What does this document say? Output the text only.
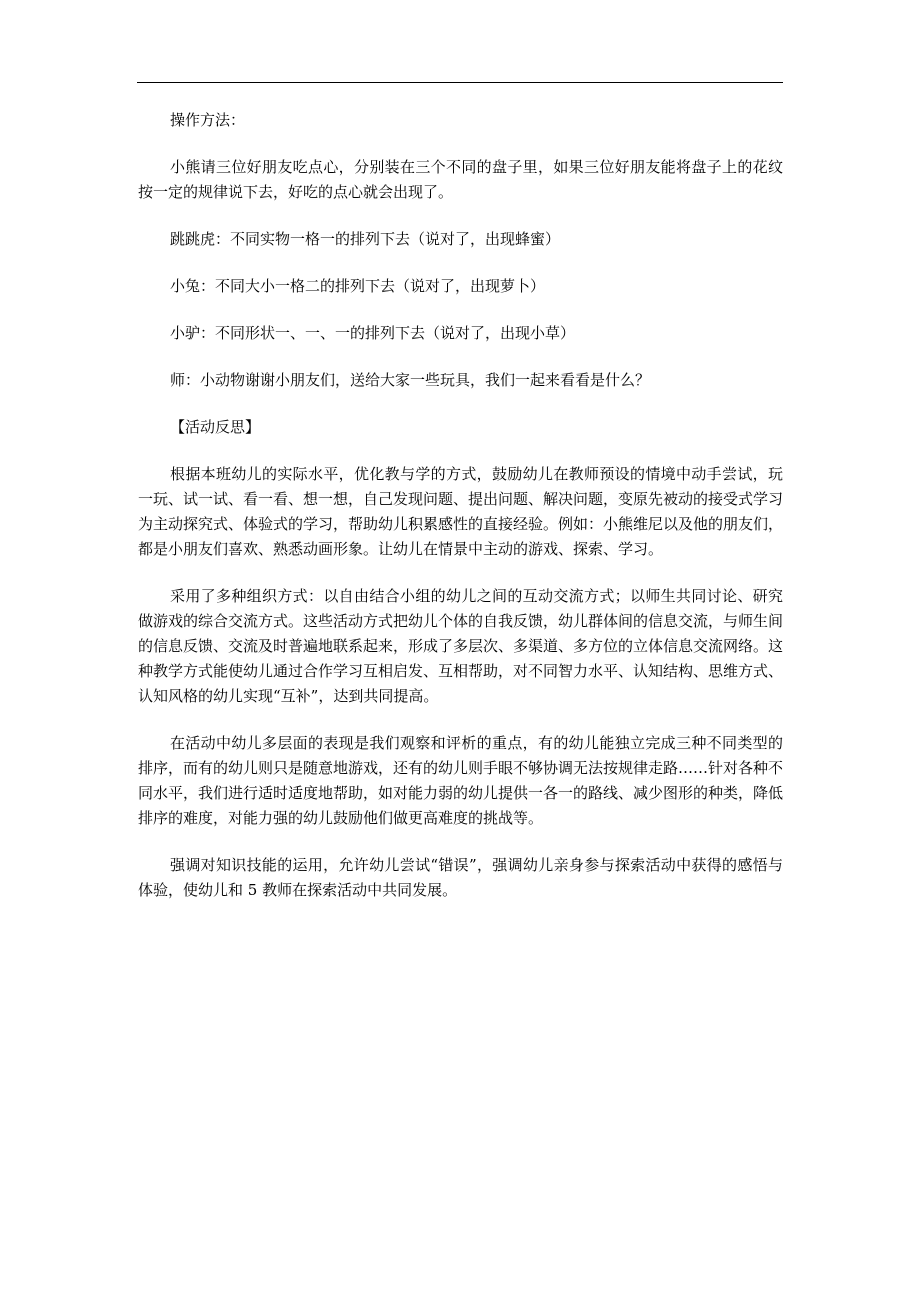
操作方法：

小熊请三位好朋友吃点心，分别装在三个不同的盘子里，如果三位好朋友能将盘子上的花纹按一定的规律说下去，好吃的点心就会出现了。

跳跳虎：不同实物一格一的排列下去（说对了，出现蜂蜜）

小兔：不同大小一格二的排列下去（说对了，出现萝卜）

小驴：不同形状一、一、一的排列下去（说对了，出现小草）

师：小动物谢谢小朋友们，送给大家一些玩具，我们一起来看看是什么？

【活动反思】

根据本班幼儿的实际水平，优化教与学的方式，鼓励幼儿在教师预设的情境中动手尝试，玩一玩、试一试、看一看、想一想，自己发现问题、提出问题、解决问题，变原先被动的接受式学习为主动探究式、体验式的学习，帮助幼儿积累感性的直接经验。例如：小熊维尼以及他的朋友们，都是小朋友们喜欢、熟悉动画形象。让幼儿在情景中主动的游戏、探索、学习。

采用了多种组织方式：以自由结合小组的幼儿之间的互动交流方式；以师生共同讨论、研究做游戏的综合交流方式。这些活动方式把幼儿个体的自我反馈，幼儿群体间的信息交流，与师生间的信息反馈、交流及时普遍地联系起来，形成了多层次、多渠道、多方位的立体信息交流网络。这种教学方式能使幼儿通过合作学习互相启发、互相帮助，对不同智力水平、认知结构、思维方式、认知风格的幼儿实现“互补”，达到共同提高。

在活动中幼儿多层面的表现是我们观察和评析的重点，有的幼儿能独立完成三种不同类型的排序，而有的幼儿则只是随意地游戏，还有的幼儿则手眼不够协调无法按规律走路……针对各种不同水平，我们进行适时适度地帮助，如对能力弱的幼儿提供一各一的路线、减少图形的种类，降低排序的难度，对能力强的幼儿鼓励他们做更高难度的挑战等。

强调对知识技能的运用，允许幼儿尝试“错误”，强调幼儿亲身参与探索活动中获得的感悟与体验，使幼儿和 5 教师在探索活动中共同发展。
